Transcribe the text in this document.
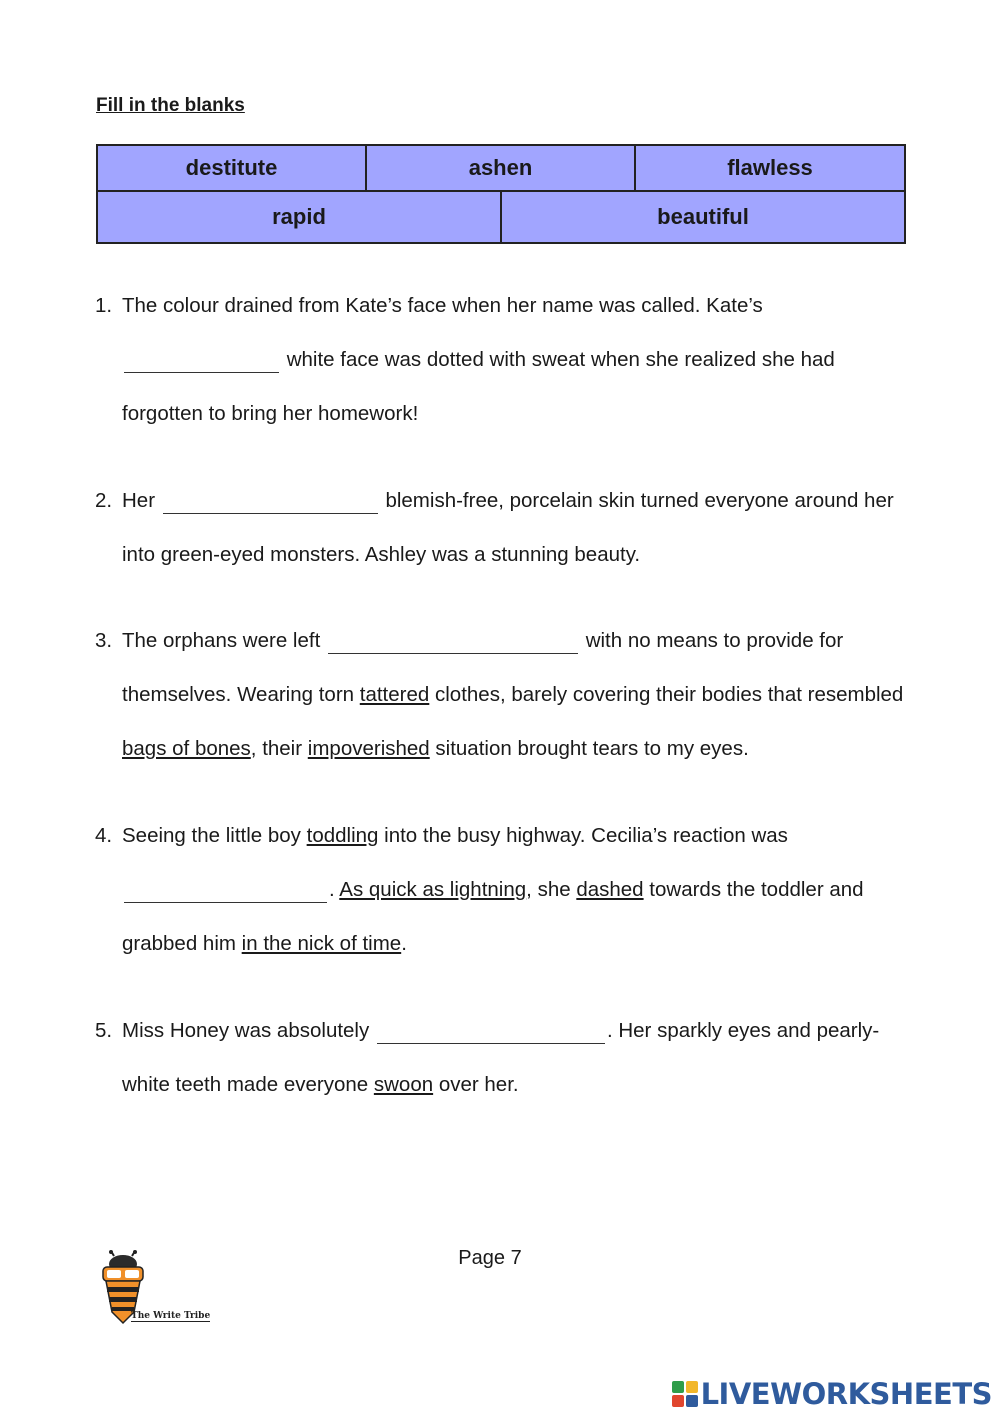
Fill in the blanks
destitute	ashen		flawless
rapid		beautiful	
1. The colour drained from Kate’s face when her name was called. Kate’s  white face was dotted with sweat when she realized she had forgotten to bring her homework!
2. Her	blemish-free, porcelain skin turned everyone around her into green-eyed monsters. Ashley was a stunning beauty.
3. The orphans were left	with no means to provide for themselves. Wearing torn tattered clothes, barely covering their bodies that resembled bags of bones, their impoverished situation brought tears to my eyes.
4. Seeing the little boy toddling into the busy highway. Cecilia’s reaction was . As quick as lightning, she dashed towards the toddler and grabbed him in the nick of time.
5. Miss Honey was absolutely	. Her sparkly eyes and pearly-white teeth made everyone swoon over her.
Page 7
The Write Tribe
LIVEWORKSHEETS
